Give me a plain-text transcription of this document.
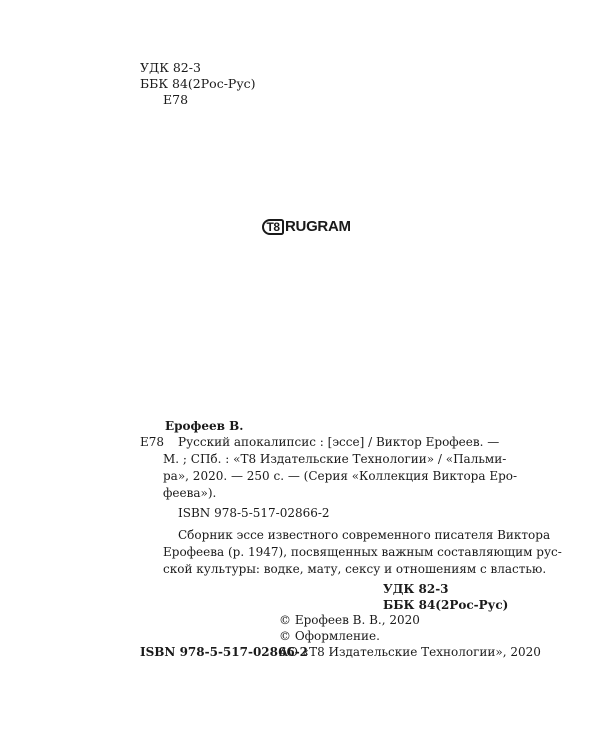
УДК 82-3
ББК 84(2Рос-Рус)
Е78
T8 RUGRAM
Ерофеев В.
Е78 Русский апокалипсис : [эссе] / Виктор Ерофеев. —
М. ; СПб. : «Т8 Издательские Технологии» / «Пальми-
ра», 2020. — 250 с. — (Серия «Коллекция Виктора Еро-
феева»).
ISBN 978-5-517-02866-2
Сборник эссе известного современного писателя Виктора
Ерофеева (р. 1947), посвященных важным составляющим рус-
ской культуры: водке, мату, сексу и отношениям с властью.
УДК 82-3
ББК 84(2Рос-Рус)
© Ерофеев В. В., 2020
© Оформление.
ISBN 978-5-517-02866-2
АО «Т8 Издательские Технологии», 2020
